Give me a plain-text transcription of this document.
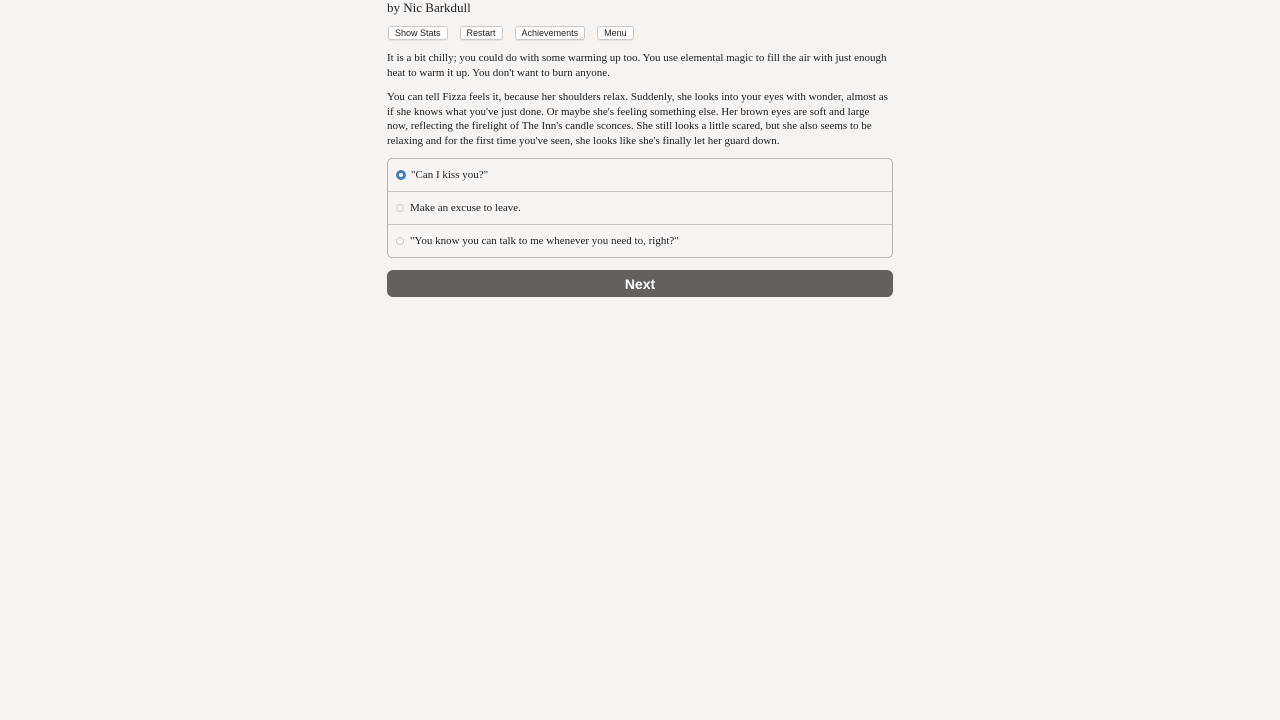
by Nic Barkdull
Show Stats	Restart	Achievements	Menu

It is a bit chilly; you could do with some warming up too. You use elemental magic to fill the air with just enough heat to warm it up. You don't want to burn anyone.

You can tell Fizza feels it, because her shoulders relax. Suddenly, she looks into your eyes with wonder, almost as if she knows what you've just done. Or maybe she's feeling something else. Her brown eyes are soft and large now, reflecting the firelight of The Inn's candle sconces. She still looks a little scared, but she also seems to be relaxing and for the first time you've seen, she looks like she's finally let her guard down.

"Can I kiss you?"
Make an excuse to leave.
"You know you can talk to me whenever you need to, right?"
Next
